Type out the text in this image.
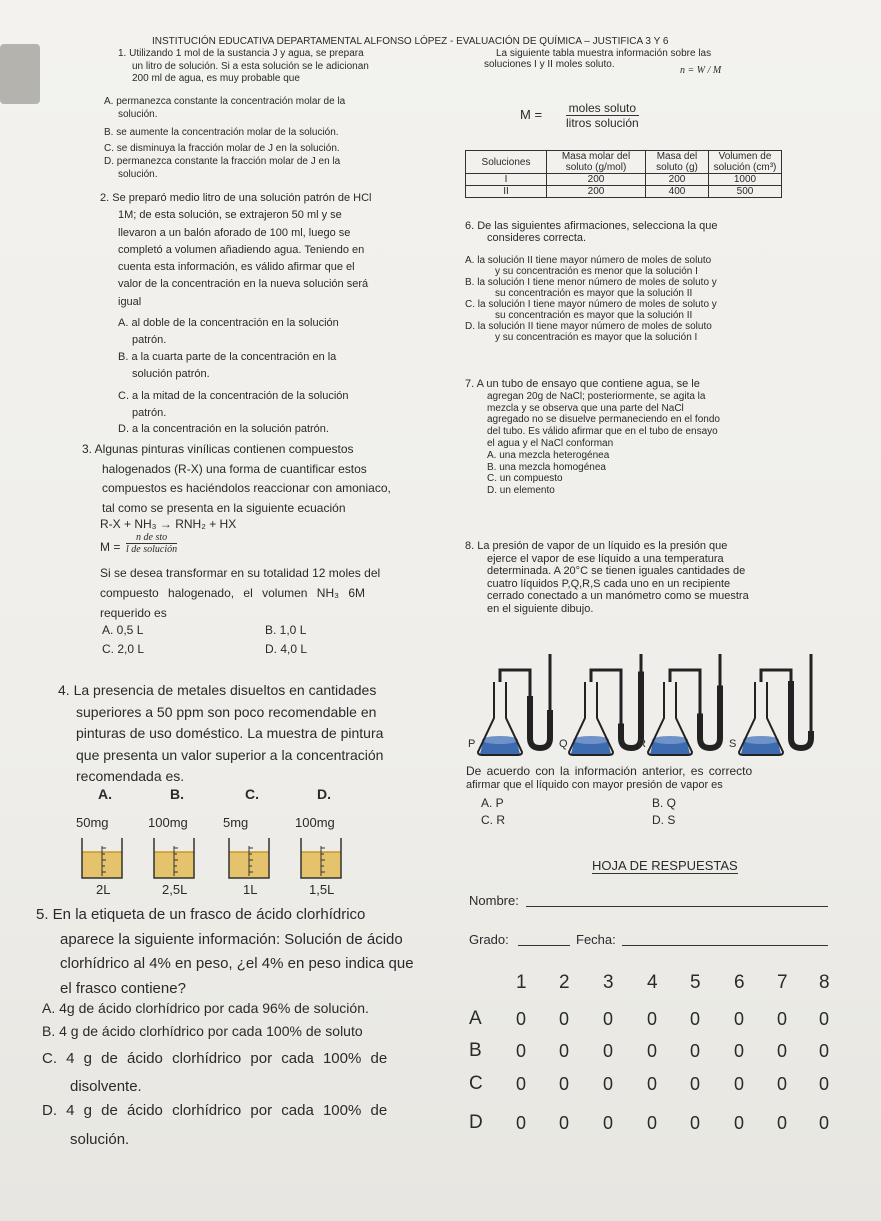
INSTITUCIÓN EDUCATIVA DEPARTAMENTAL ALFONSO LÓPEZ - EVALUACIÓN DE QUÍMICA – JUSTIFICA 3 Y 6
1. Utilizando 1 mol de la sustancia J y agua, se prepara
un litro de solución. Si a esta solución se le adicionan
200 ml de agua, es muy probable que
A. permanezca constante la concentración molar de la
solución.
B. se aumente la concentración molar de la solución.
C. se disminuya la fracción molar de J en la solución.
D. permanezca constante la fracción molar de J en la
solución.
2. Se preparó medio litro de una solución patrón de HCl
1M; de esta solución, se extrajeron 50 ml y se
llevaron a un balón aforado de 100 ml, luego se
completó a volumen añadiendo agua. Teniendo en
cuenta esta información, es válido afirmar que el
valor de la concentración en la nueva solución será
igual
A. al doble de la concentración en la solución
patrón.
B. a la cuarta parte de la concentración en la
solución patrón.
C. a la mitad de la concentración de la solución
patrón.
D. a la concentración en la solución patrón.
3. Algunas pinturas vinílicas contienen compuestos
halogenados (R-X) una forma de cuantificar estos
compuestos es haciéndolos reaccionar con amoniaco,
tal como se presenta en la siguiente ecuación
R-X + NH₃ → RNH₂ + HX
M =
n de sto
l de solución
Si se desea transformar en su totalidad 12 moles del
compuesto halogenado, el volumen NH₃ 6M
requerido es
A. 0,5 L	B. 1,0 L
C. 2,0 L	D. 4,0 L
4. La presencia de metales disueltos en cantidades
superiores a 50 ppm son poco recomendable en
pinturas de uso doméstico. La muestra de pintura
que presenta un valor superior a la concentración
recomendada es.
A.
50mg
2L
B.
100mg
2,5L
C.
5mg
1L
D.
100mg
1,5L
5. En la etiqueta de un frasco de ácido clorhídrico
aparece la siguiente información: Solución de ácido
clorhídrico al 4% en peso, ¿el 4% en peso indica que
el frasco contiene?
A. 4g de ácido clorhídrico por cada 96% de solución.
B. 4 g de ácido clorhídrico por cada 100% de soluto
C. 4 g de ácido clorhídrico por cada 100% de
disolvente.
D. 4 g de ácido clorhídrico por cada 100% de
solución.
La siguiente tabla muestra información sobre las
soluciones I y II moles soluto.
n = W / M
M = moles soluto
litros solución
Soluciones	Masa molar del soluto (g/mol)	Masa del soluto (g)	Volumen de solución (cm³)
I	200	200	1000
II	200	400	500
6. De las siguientes afirmaciones, selecciona la que
consideres correcta.
A. la solución II tiene mayor número de moles de soluto
y su concentración es menor que la solución I
B. la solución I tiene menor número de moles de soluto y
su concentración es mayor que la solución II
C. la solución I tiene mayor número de moles de soluto y
su concentración es mayor que la solución II
D. la solución II tiene mayor número de moles de soluto
y su concentración es mayor que la solución I
7. A un tubo de ensayo que contiene agua, se le
agregan 20g de NaCl; posteriormente, se agita la
mezcla y se observa que una parte del NaCl
agregado no se disuelve permaneciendo en el fondo
del tubo. Es válido afirmar que en el tubo de ensayo
el agua y el NaCl conforman
A. una mezcla heterogénea
B. una mezcla homogénea
C. un compuesto
D. un elemento
8. La presión de vapor de un líquido es la presión que
ejerce el vapor de ese líquido a una temperatura
determinada. A 20°C se tienen iguales cantidades de
cuatro líquidos P,Q,R,S cada uno en un recipiente
cerrado conectado a un manómetro como se muestra
en el siguiente dibujo.
P	Q	R	S
De acuerdo con la información anterior, es correcto
afirmar que el líquido con mayor presión de vapor es
A. P	B. Q
C. R	D. S
HOJA DE RESPUESTAS
Nombre:
Grado:	Fecha:
1 2 3 4 5 6 7 8
A 0 0 0 0 0 0 0 0
B 0 0 0 0 0 0 0 0
C 0 0 0 0 0 0 0 0
D 0 0 0 0 0 0 0 0
